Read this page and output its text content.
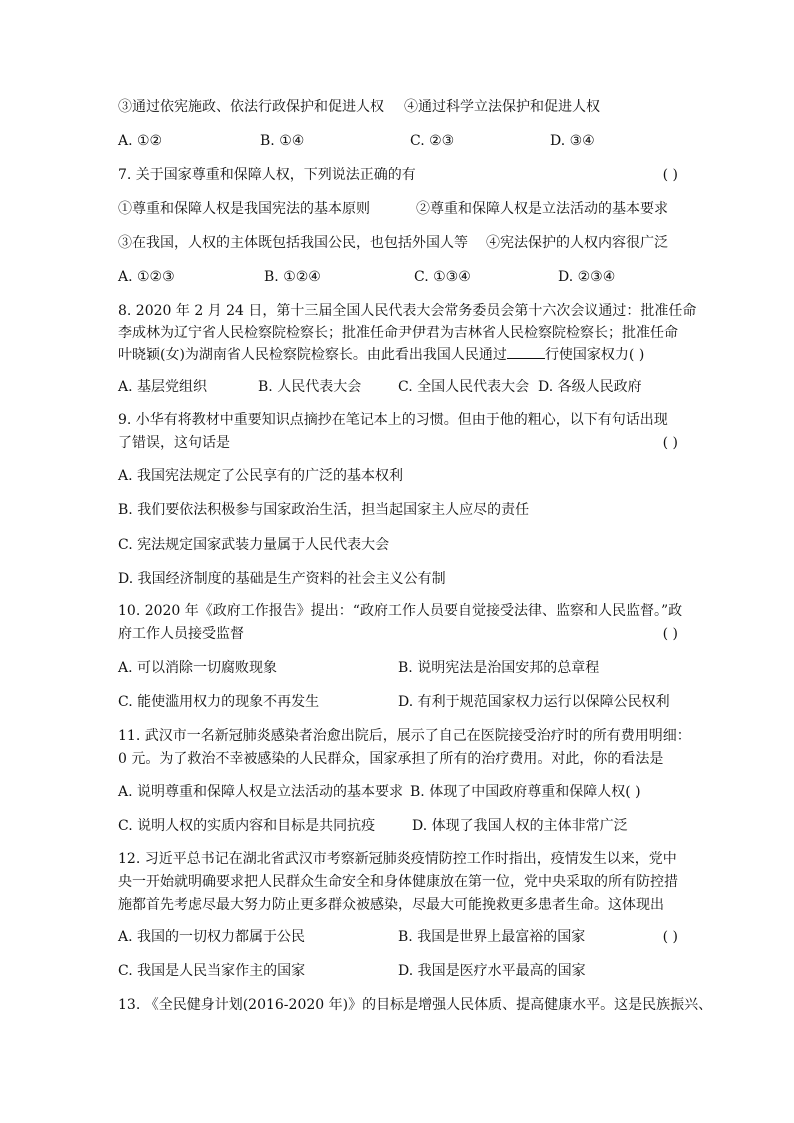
③通过依宪施政、依法行政保护和促进人权 ④通过科学立法保护和促进人权
A. ①②	B. ①④	C. ②③	D. ③④
7. 关于国家尊重和保障人权，下列说法正确的有	( )
①尊重和保障人权是我国宪法的基本原则	②尊重和保障人权是立法活动的基本要求
③在我国，人权的主体既包括我国公民，也包括外国人等 ④宪法保护的人权内容很广泛
A. ①②③	B. ①②④	C. ①③④	D. ②③④
8. 2020 年 2 月 24 日，第十三届全国人民代表大会常务委员会第十六次会议通过：批准任命
李成林为辽宁省人民检察院检察长；批准任命尹伊君为吉林省人民检察院检察长；批准任命
叶晓颖(女)为湖南省人民检察院检察长。由此看出我国人民通过	行使国家权力( )
A. 基层党组织	B. 人民代表大会	C. 全国人民代表大会 D. 各级人民政府
9. 小华有将教材中重要知识点摘抄在笔记本上的习惯。但由于他的粗心，以下有句话出现
了错误，这句话是	( )
A. 我国宪法规定了公民享有的广泛的基本权利
B. 我们要依法积极参与国家政治生活，担当起国家主人应尽的责任
C. 宪法规定国家武装力量属于人民代表大会
D. 我国经济制度的基础是生产资料的社会主义公有制
10. 2020 年《政府工作报告》提出：“政府工作人员要自觉接受法律、监察和人民监督。”政
府工作人员接受监督	( )
A. 可以消除一切腐败现象	B. 说明宪法是治国安邦的总章程
C. 能使滥用权力的现象不再发生	D. 有利于规范国家权力运行以保障公民权利
11. 武汉市一名新冠肺炎感染者治愈出院后，展示了自己在医院接受治疗时的所有费用明细：
0 元。为了救治不幸被感染的人民群众，国家承担了所有的治疗费用。对此，你的看法是
A. 说明尊重和保障人权是立法活动的基本要求 B. 体现了中国政府尊重和保障人权( )
C. 说明人权的实质内容和目标是共同抗疫	D. 体现了我国人权的主体非常广泛
12. 习近平总书记在湖北省武汉市考察新冠肺炎疫情防控工作时指出，疫情发生以来，党中
央一开始就明确要求把人民群众生命安全和身体健康放在第一位，党中央采取的所有防控措
施都首先考虑尽最大努力防止更多群众被感染，尽最大可能挽救更多患者生命。这体现出
A. 我国的一切权力都属于公民	B. 我国是世界上最富裕的国家	( )
C. 我国是人民当家作主的国家	D. 我国是医疗水平最高的国家
13. 《全民健身计划(2016-2020 年)》的目标是增强人民体质、提高健康水平。这是民族振兴、
